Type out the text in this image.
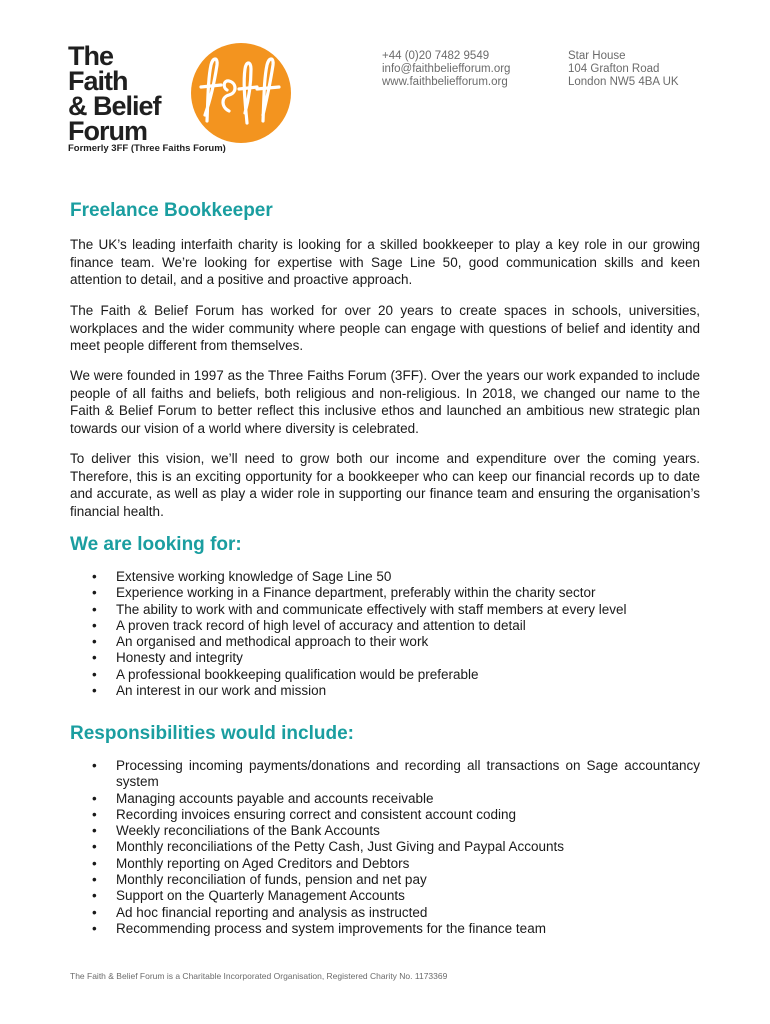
The
Faith
& Belief
Forum
Formerly 3FF (Three Faiths Forum)
+44 (0)20 7482 9549
info@faithbeliefforum.org
www.faithbeliefforum.org
Star House
104 Grafton Road
London NW5 4BA UK
Freelance Bookkeeper

The UK’s leading interfaith charity is looking for a skilled bookkeeper to play a key role in our growing finance team. We’re looking for expertise with Sage Line 50, good communication skills and keen attention to detail, and a positive and proactive approach.

The Faith & Belief Forum has worked for over 20 years to create spaces in schools, universities, workplaces and the wider community where people can engage with questions of belief and identity and meet people different from themselves.

We were founded in 1997 as the Three Faiths Forum (3FF). Over the years our work expanded to include people of all faiths and beliefs, both religious and non-religious. In 2018, we changed our name to the Faith & Belief Forum to better reflect this inclusive ethos and launched an ambitious new strategic plan towards our vision of a world where diversity is celebrated.

To deliver this vision, we’ll need to grow both our income and expenditure over the coming years. Therefore, this is an exciting opportunity for a bookkeeper who can keep our financial records up to date and accurate, as well as play a wider role in supporting our finance team and ensuring the organisation’s financial health.

We are looking for:
• Extensive working knowledge of Sage Line 50
• Experience working in a Finance department, preferably within the charity sector
• The ability to work with and communicate effectively with staff members at every level
• A proven track record of high level of accuracy and attention to detail
• An organised and methodical approach to their work
• Honesty and integrity
• A professional bookkeeping qualification would be preferable
• An interest in our work and mission
Responsibilities would include:
• Processing incoming payments/donations and recording all transactions on Sage accountancy system
• Managing accounts payable and accounts receivable
• Recording invoices ensuring correct and consistent account coding
• Weekly reconciliations of the Bank Accounts
• Monthly reconciliations of the Petty Cash, Just Giving and Paypal Accounts
• Monthly reporting on Aged Creditors and Debtors
• Monthly reconciliation of funds, pension and net pay
• Support on the Quarterly Management Accounts
• Ad hoc financial reporting and analysis as instructed
• Recommending process and system improvements for the finance team
The Faith & Belief Forum is a Charitable Incorporated Organisation, Registered Charity No. 1173369
